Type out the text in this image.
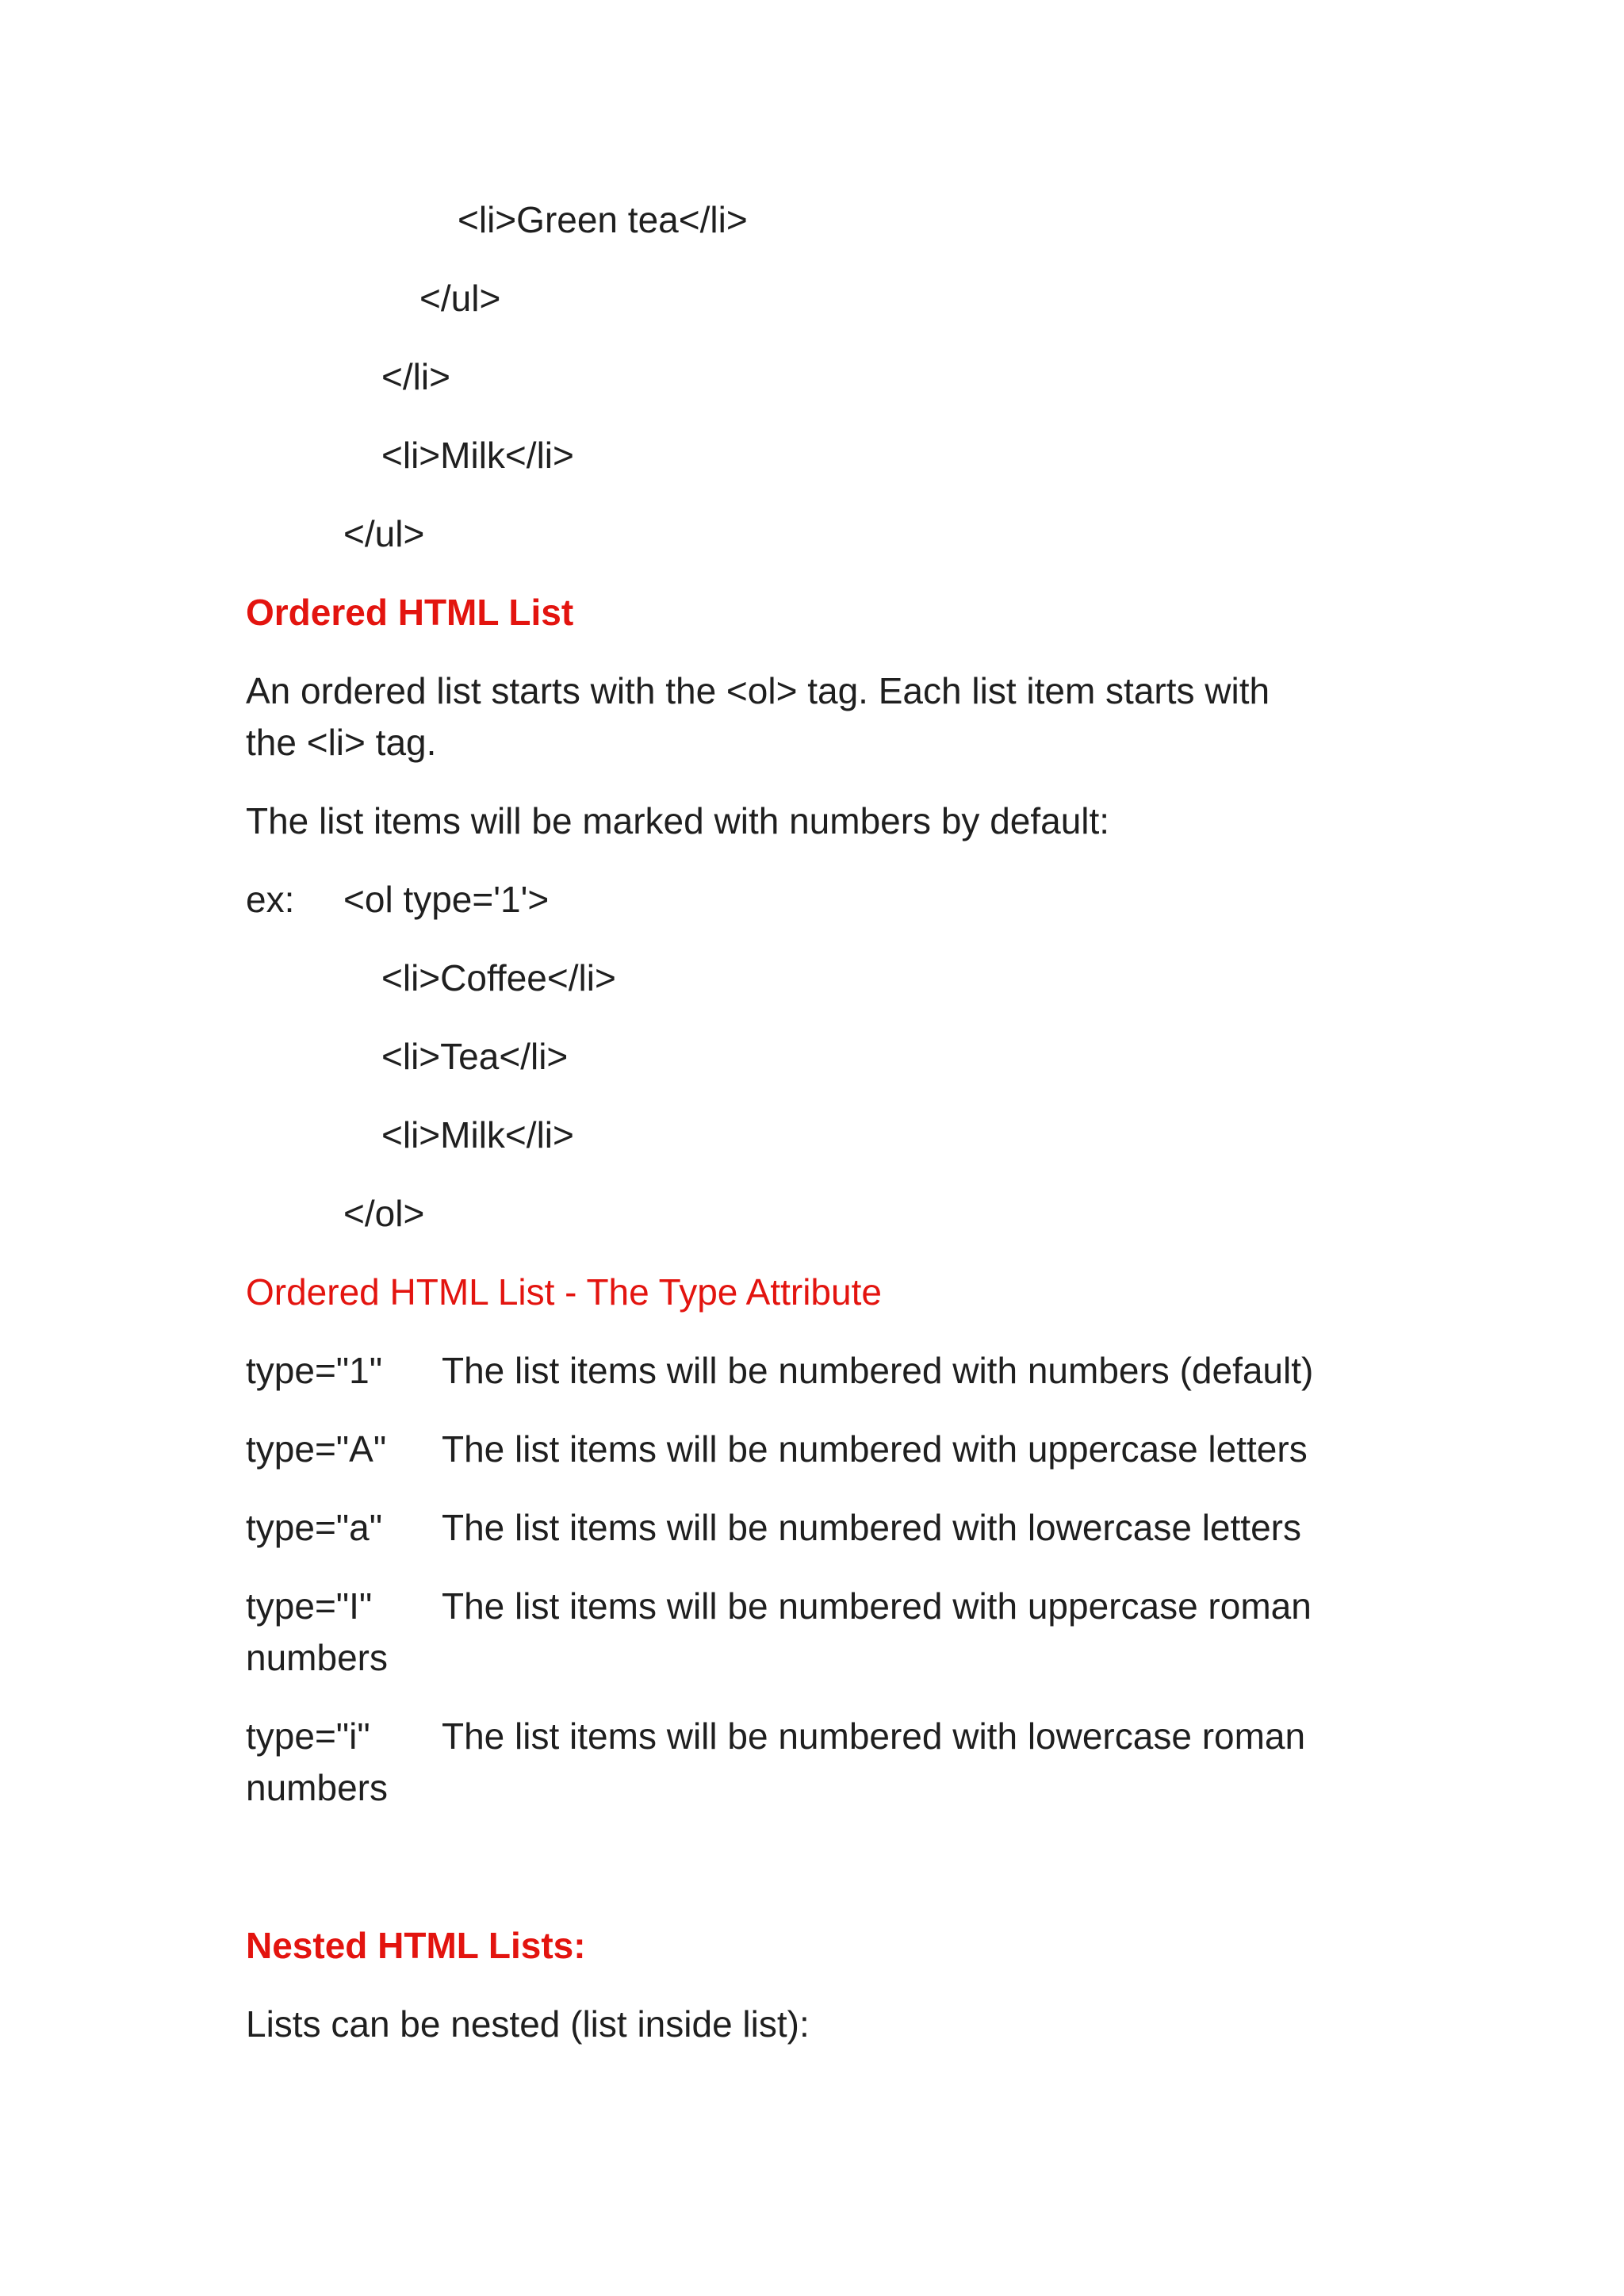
<li>Green tea</li>
</ul>
</li>
<li>Milk</li>
</ul>
Ordered HTML List
An ordered list starts with the <ol> tag. Each list item starts with
the <li> tag.
The list items will be marked with numbers by default:
ex: <ol type='1'>
<li>Coffee</li>
<li>Tea</li>
<li>Milk</li>
</ol>
Ordered HTML List - The Type Attribute
type="1" The list items will be numbered with numbers (default)
type="A" The list items will be numbered with uppercase letters
type="a" The list items will be numbered with lowercase letters
type="I" The list items will be numbered with uppercase roman
numbers
type="i" The list items will be numbered with lowercase roman
numbers
Nested HTML Lists:
Lists can be nested (list inside list):
